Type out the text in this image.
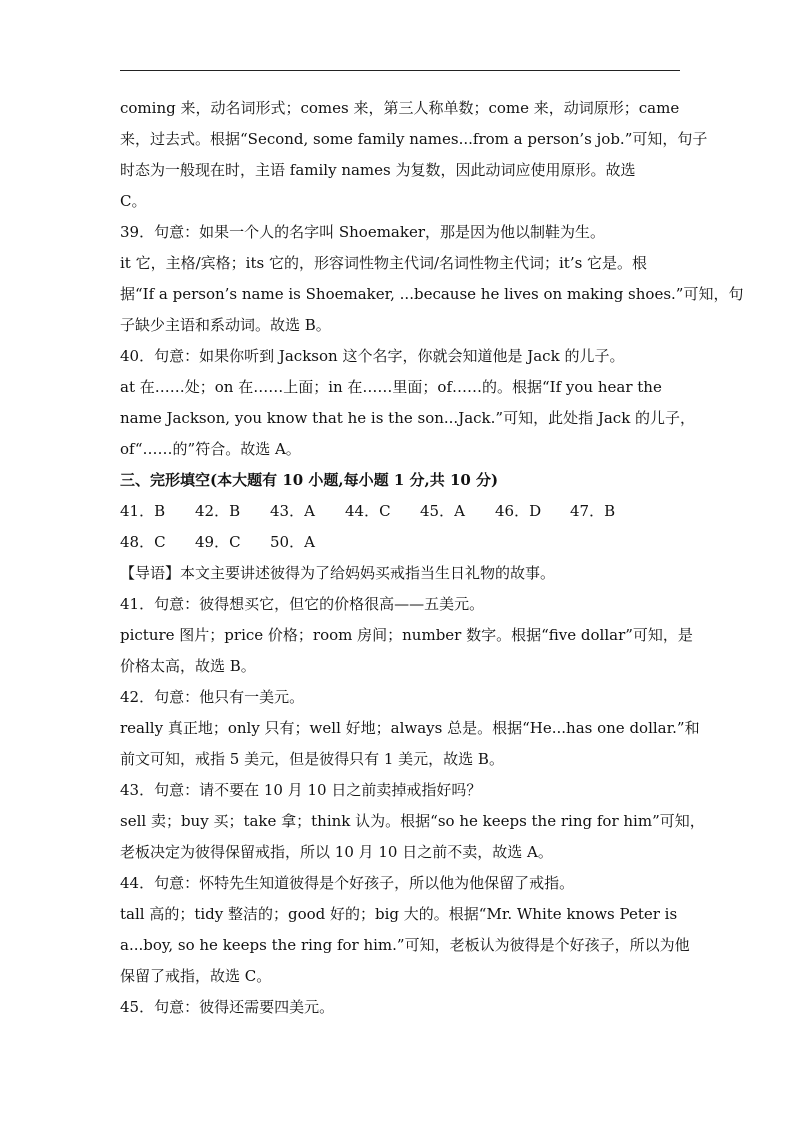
coming 来，动名词形式；comes 来，第三人称单数；come 来，动词原形；came
来，过去式。根据“Second, some family names...from a person’s job.”可知，句子
时态为一般现在时，主语 family names 为复数，因此动词应使用原形。故选
C。
39．句意：如果一个人的名字叫 Shoemaker，那是因为他以制鞋为生。
it 它，主格/宾格；its 它的，形容词性物主代词/名词性物主代词；it’s 它是。根
据“If a person’s name is Shoemaker, ...because he lives on making shoes.”可知，句
子缺少主语和系动词。故选 B。
40．句意：如果你听到 Jackson 这个名字，你就会知道他是 Jack 的儿子。
at 在……处；on 在……上面；in 在……里面；of……的。根据“If you hear the
name Jackson, you know that he is the son...Jack.”可知，此处指 Jack 的儿子，
of“……的”符合。故选 A。
三、完形填空(本大题有 10 小题,每小题 1 分,共 10 分)
41．B	42．B	43．A	44．C	45．A	46．D	47．B
48．C	49．C	50．A
【导语】本文主要讲述彼得为了给妈妈买戒指当生日礼物的故事。
41．句意：彼得想买它，但它的价格很高——五美元。
picture 图片；price 价格；room 房间；number 数字。根据“five dollar”可知，是
价格太高，故选 B。
42．句意：他只有一美元。
really 真正地；only 只有；well 好地；always 总是。根据“He...has one dollar.”和
前文可知，戒指 5 美元，但是彼得只有 1 美元，故选 B。
43．句意：请不要在 10 月 10 日之前卖掉戒指好吗？
sell 卖；buy 买；take 拿；think 认为。根据“so he keeps the ring for him”可知，
老板决定为彼得保留戒指，所以 10 月 10 日之前不卖，故选 A。
44．句意：怀特先生知道彼得是个好孩子，所以他为他保留了戒指。
tall 高的；tidy 整洁的；good 好的；big 大的。根据“Mr. White knows Peter is
a...boy, so he keeps the ring for him.”可知，老板认为彼得是个好孩子，所以为他
保留了戒指，故选 C。
45．句意：彼得还需要四美元。
